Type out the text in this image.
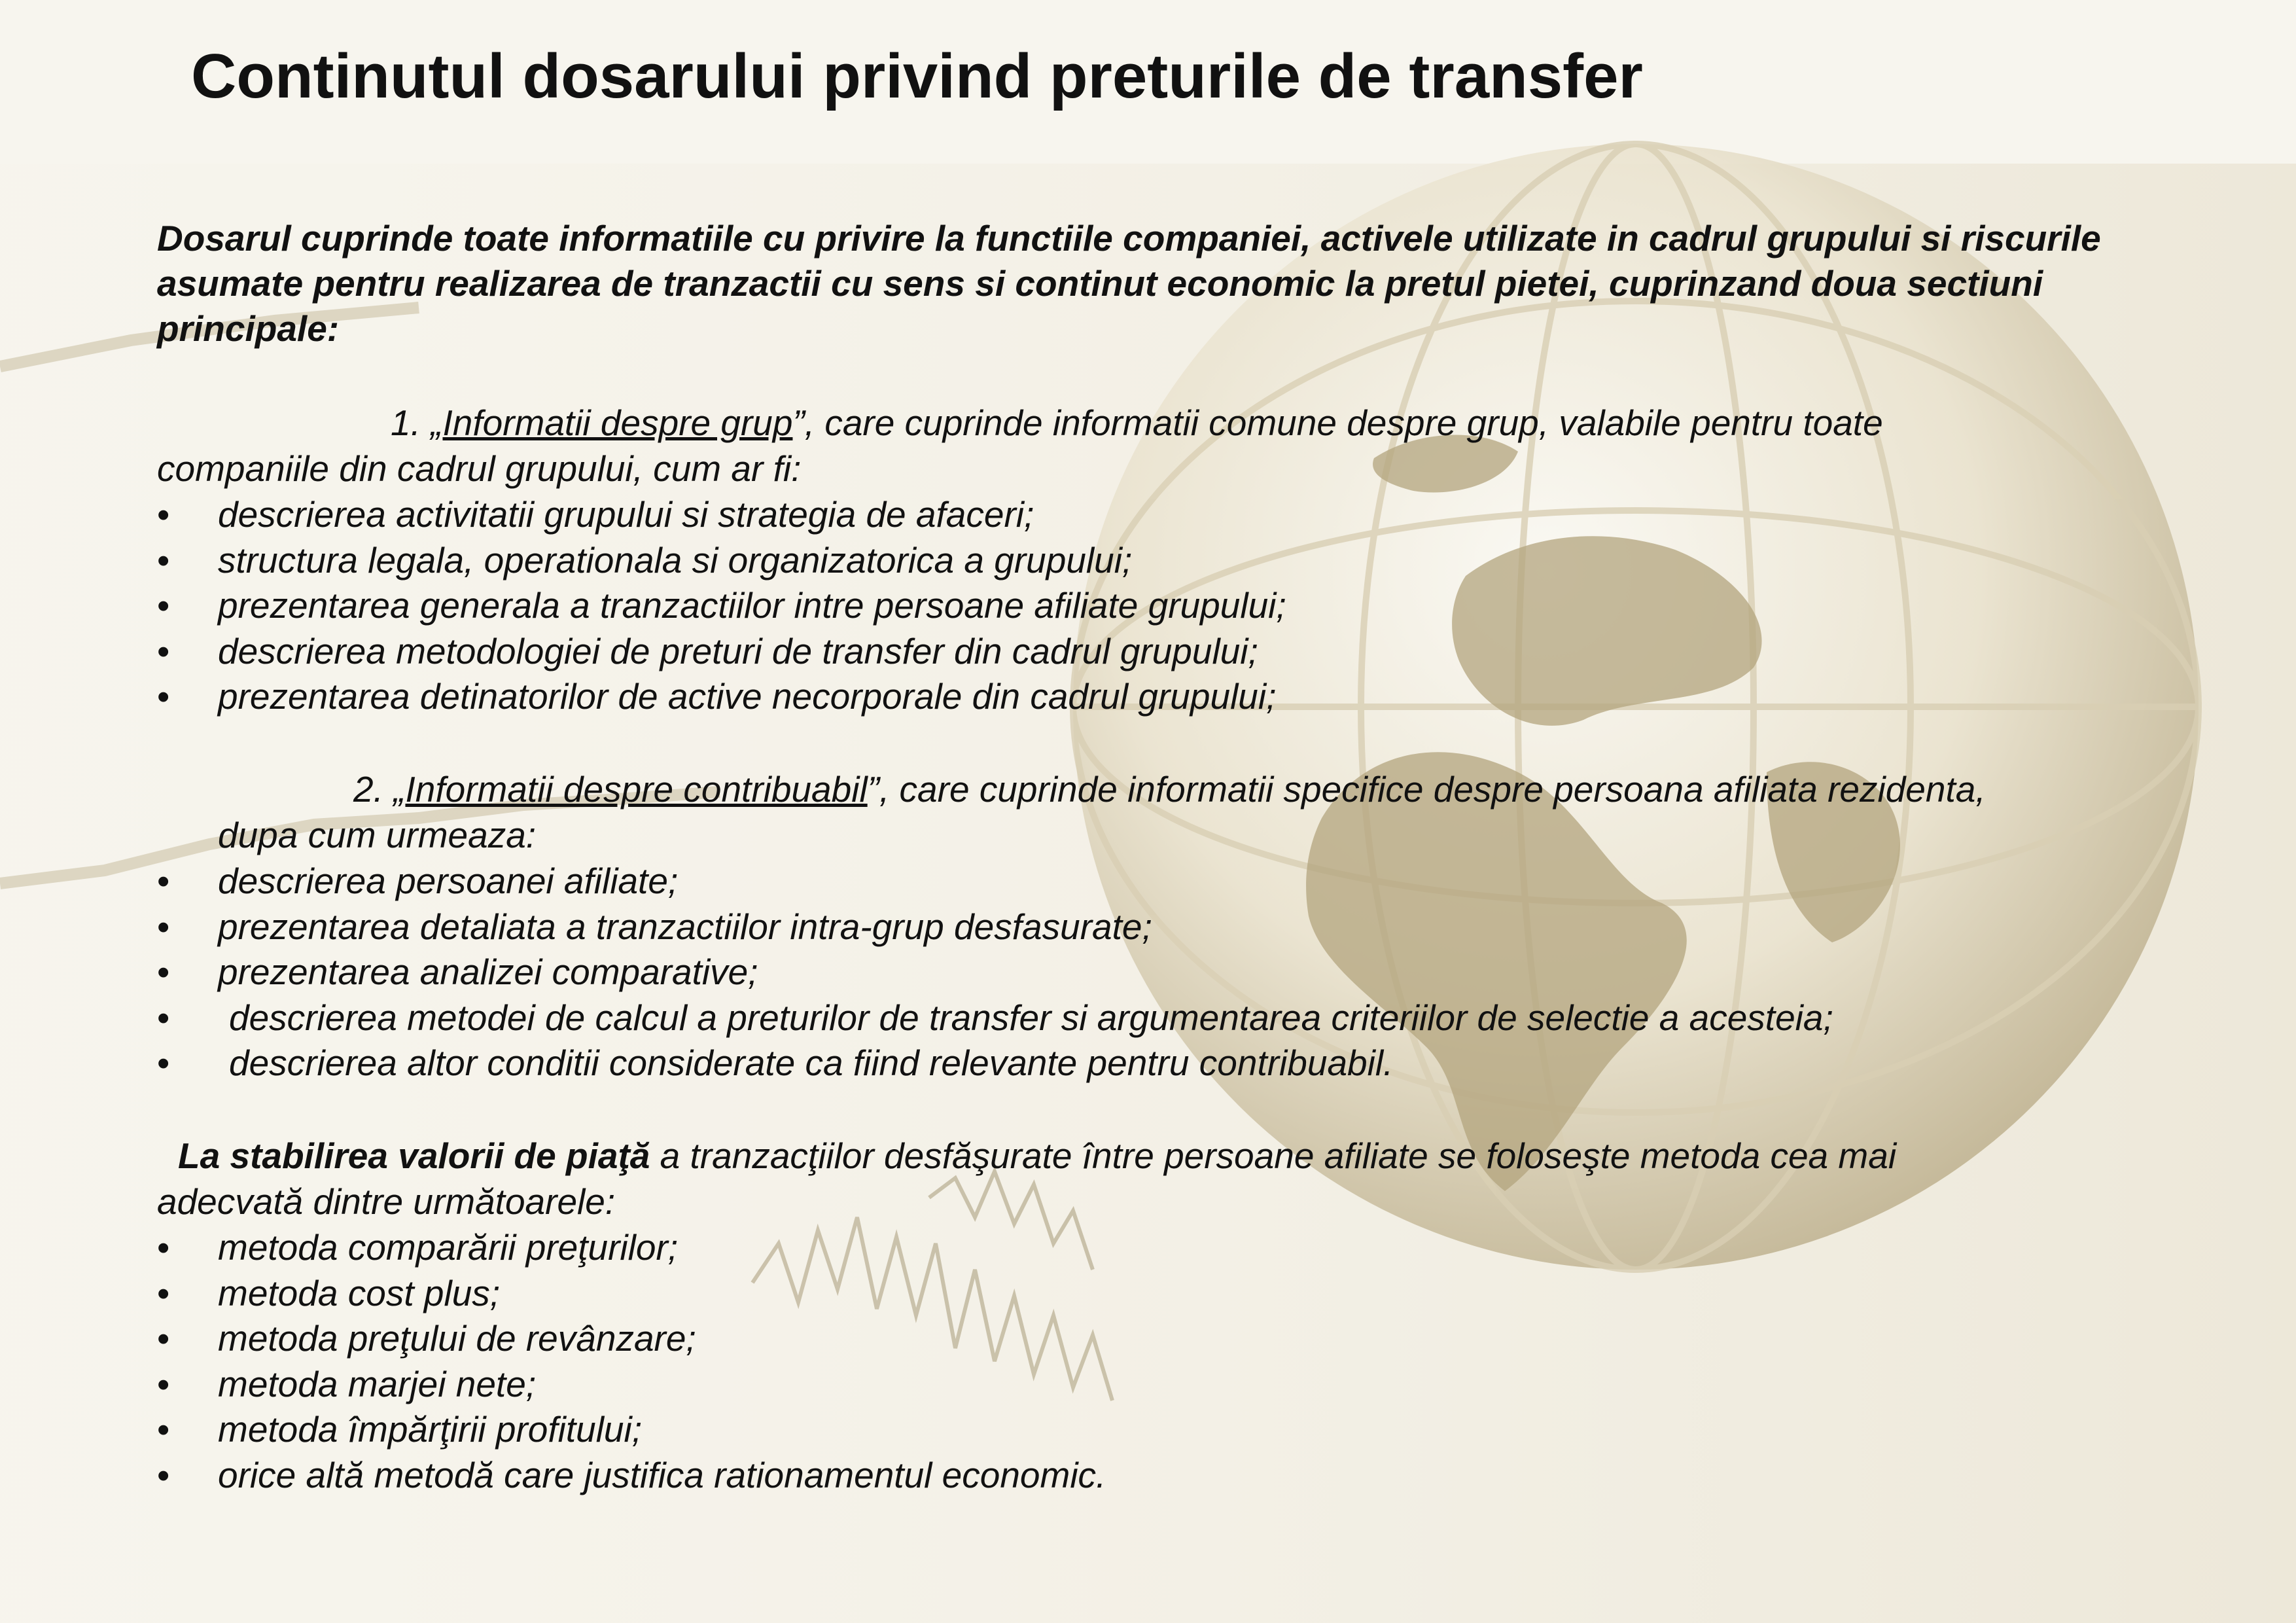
Continutul dosarului privind preturile de transfer

Dosarul cuprinde toate informatiile cu privire la functiile companiei, activele utilizate in cadrul grupului si riscurile asumate pentru realizarea de tranzactii cu sens si continut economic la pretul pietei, cuprinzand doua sectiuni principale:

1. „Informatii despre grup”, care cuprinde informatii comune despre grup, valabile pentru toate

companiile din cadrul grupului, cum ar fi:

• descrierea activitatii grupului si strategia de afaceri;
• structura legala, operationala si organizatorica a grupului;
• prezentarea generala a tranzactiilor intre persoane afiliate grupului;
• descrierea metodologiei de preturi de transfer din cadrul grupului;
• prezentarea detinatorilor de active necorporale din cadrul grupului;

2. „Informatii despre contribuabil”, care cuprinde informatii specifice despre persoana afiliata rezidenta,

dupa cum urmeaza:

• descrierea persoanei afiliate;
• prezentarea detaliata a tranzactiilor intra-grup desfasurate;
• prezentarea analizei comparative;
• descrierea metodei de calcul a preturilor de transfer si argumentarea criteriilor de selectie a acesteia;
• descrierea altor conditii considerate ca fiind relevante pentru contribuabil.

La stabilirea valorii de piaţă a tranzacţiilor desfăşurate între persoane afiliate se foloseşte metoda cea mai

adecvată dintre următoarele:

• metoda comparării preţurilor;
• metoda cost plus;
• metoda preţului de revânzare;
• metoda marjei nete;
• metoda împărţirii profitului;
• orice altă metodă care justifica rationamentul economic.
